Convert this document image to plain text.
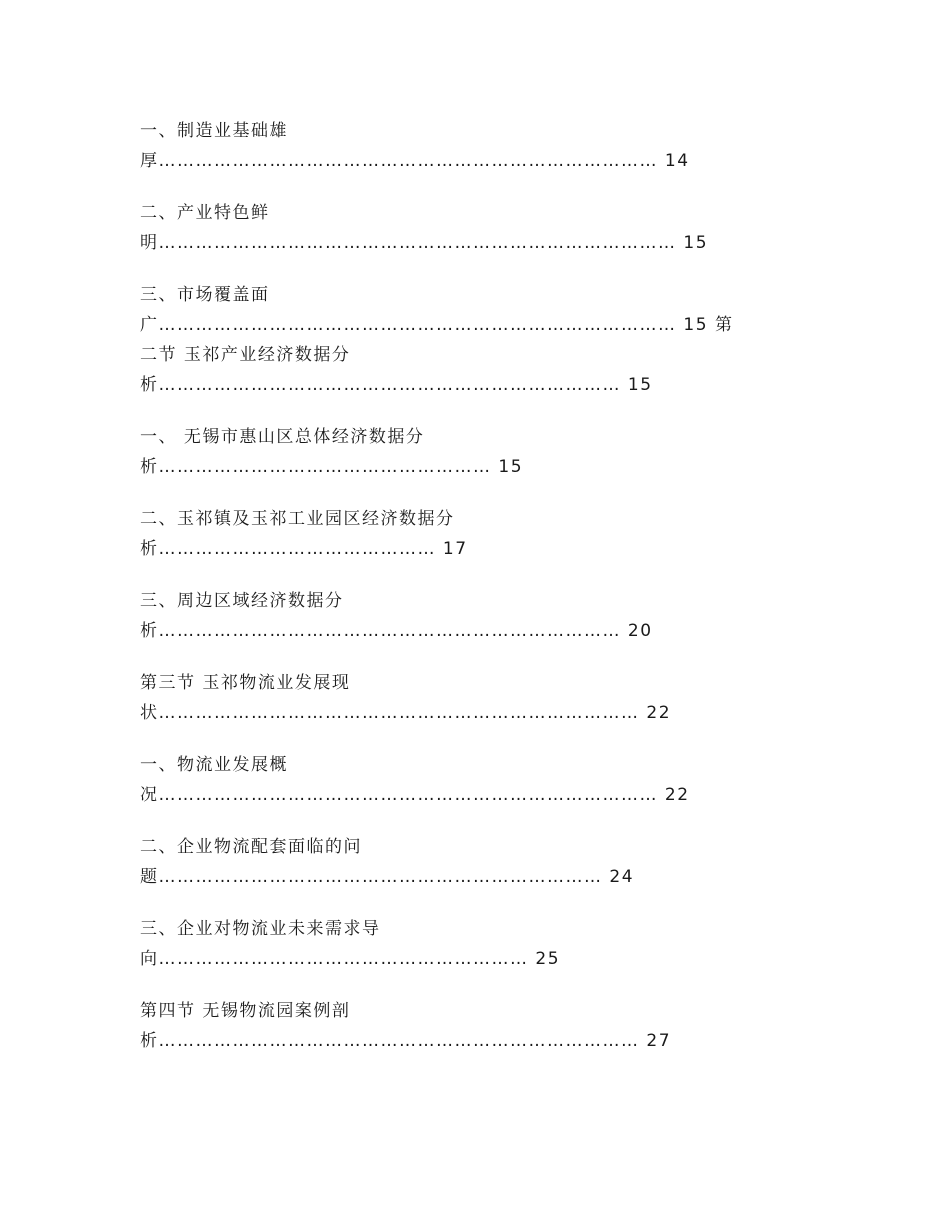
一、制造业基础雄
厚……………………………………………………………………… 14
二、产业特色鲜
明………………………………………………………………………… 15
三、市场覆盖面
广………………………………………………………………………… 15 第
二节 玉祁产业经济数据分
析………………………………………………………………… 15
一、 无锡市惠山区总体经济数据分
析……………………………………………… 15
二、玉祁镇及玉祁工业园区经济数据分
析……………………………………… 17
三、周边区域经济数据分
析………………………………………………………………… 20
第三节 玉祁物流业发展现
状…………………………………………………………………… 22
一、物流业发展概
况……………………………………………………………………… 22
二、企业物流配套面临的问
题……………………………………………………………… 24
三、企业对物流业未来需求导
向…………………………………………………… 25
第四节 无锡物流园案例剖
析…………………………………………………………………… 27
